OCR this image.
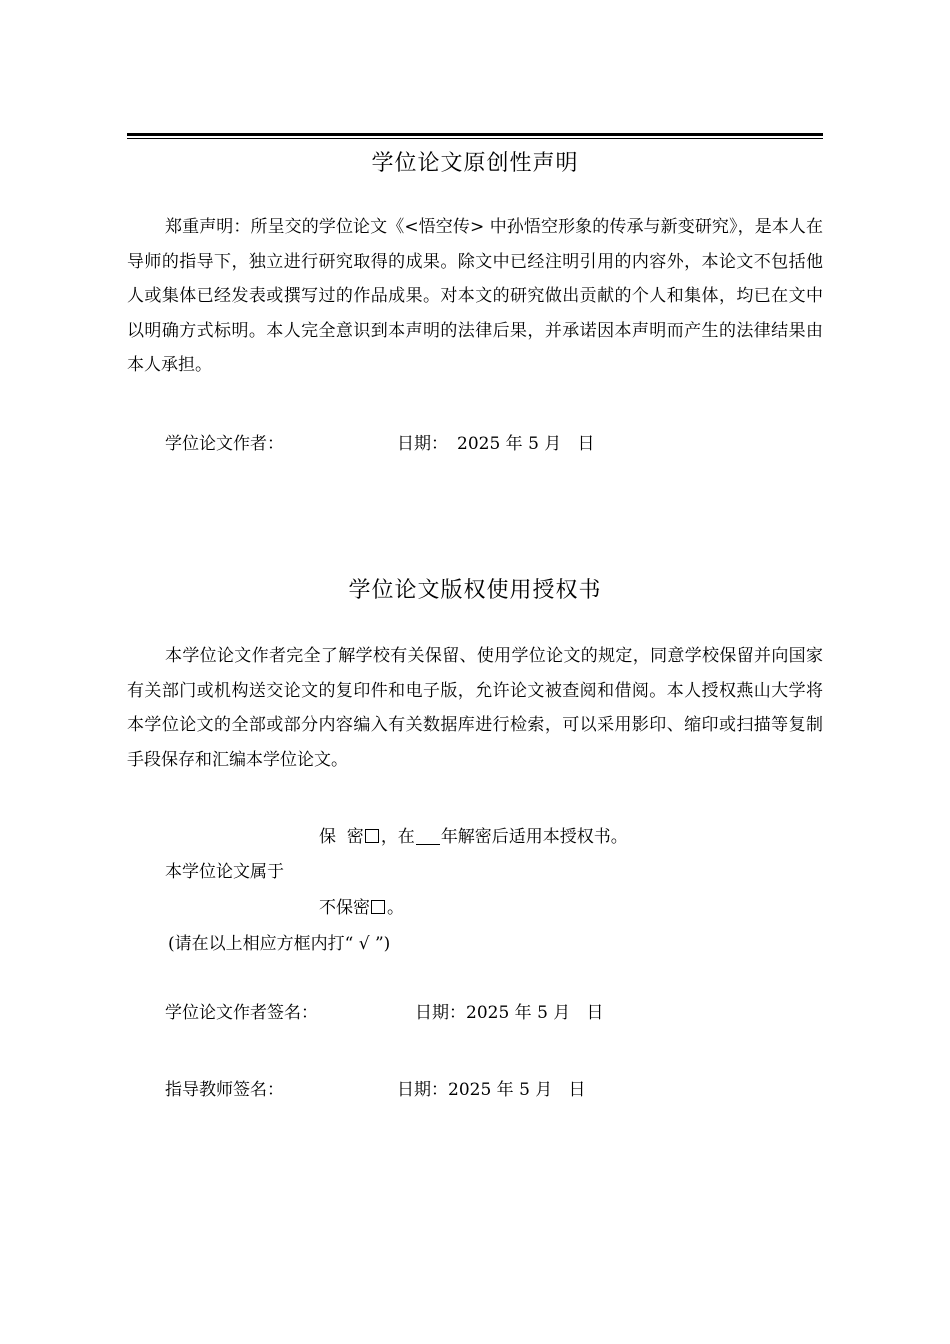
学位论文原创性声明

郑重声明：所呈交的学位论文《<悟空传> 中孙悟空形象的传承与新变研究》，是本人在导师的指导下，独立进行研究取得的成果。除文中已经注明引用的内容外，本论文不包括他人或集体已经发表或撰写过的作品成果。对本文的研究做出贡献的个人和集体，均已在文中以明确方式标明。本人完全意识到本声明的法律后果，并承诺因本声明而产生的法律结果由本人承担。

学位论文作者：	日期： 2025 年 5 月   日
学位论文版权使用授权书

本学位论文作者完全了解学校有关保留、使用学位论文的规定，同意学校保留并向国家有关部门或机构送交论文的复印件和电子版，允许论文被查阅和借阅。本人授权燕山大学将本学位论文的全部或部分内容编入有关数据库进行检索，可以采用影印、缩印或扫描等复制手段保存和汇编本学位论文。

保  密 ，在 年解密后适用本授权书。
本学位论文属于
不保密 。
(请在以上相应方框内打“ √ ”)
学位论文作者签名：	日期：2025 年 5 月   日
指导教师签名：	日期：2025 年 5 月   日
